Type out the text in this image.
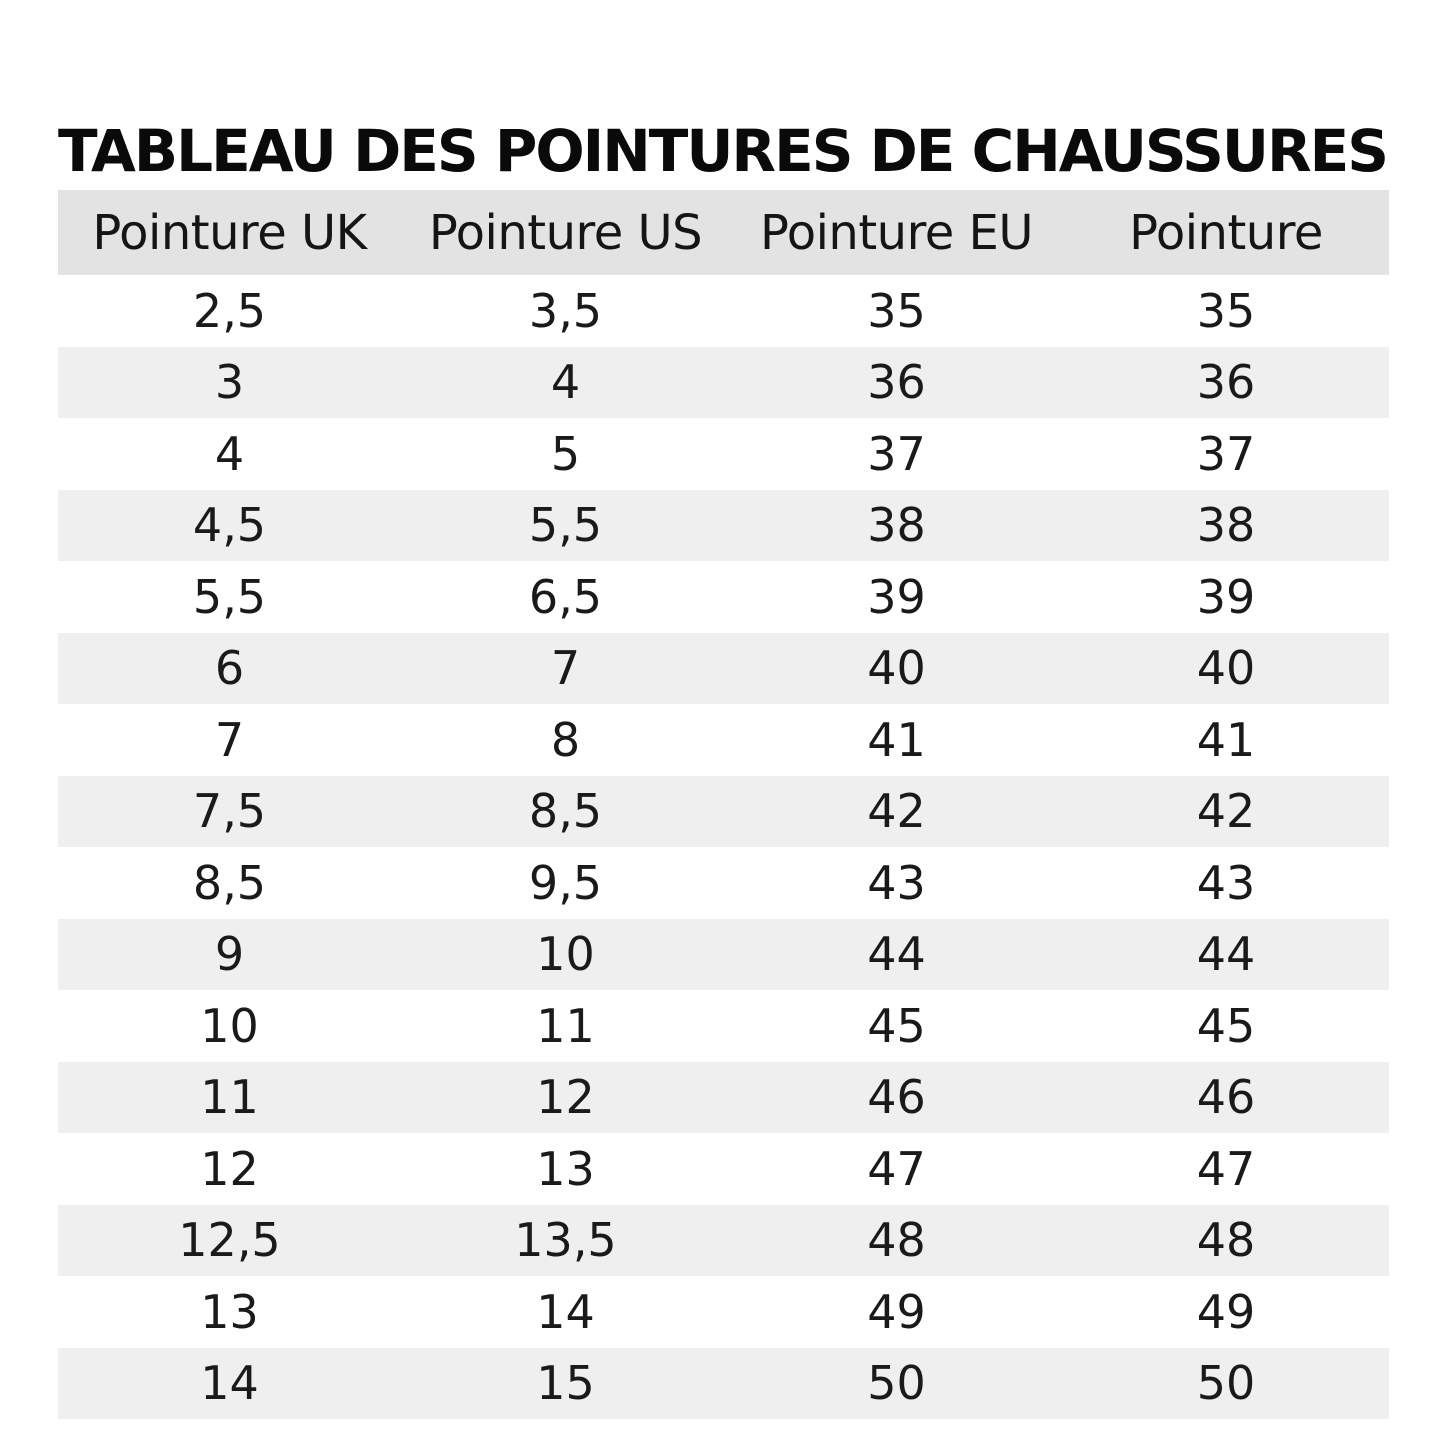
TABLEAU DES POINTURES DE CHAUSSURES
Pointure UK	Pointure US	Pointure EU	Pointure
2,5	3,5	35	35
3	4	36	36
4	5	37	37
4,5	5,5	38	38
5,5	6,5	39	39
6	7	40	40
7	8	41	41
7,5	8,5	42	42
8,5	9,5	43	43
9	10	44	44
10	11	45	45
11	12	46	46
12	13	47	47
12,5	13,5	48	48
13	14	49	49
14	15	50	50
